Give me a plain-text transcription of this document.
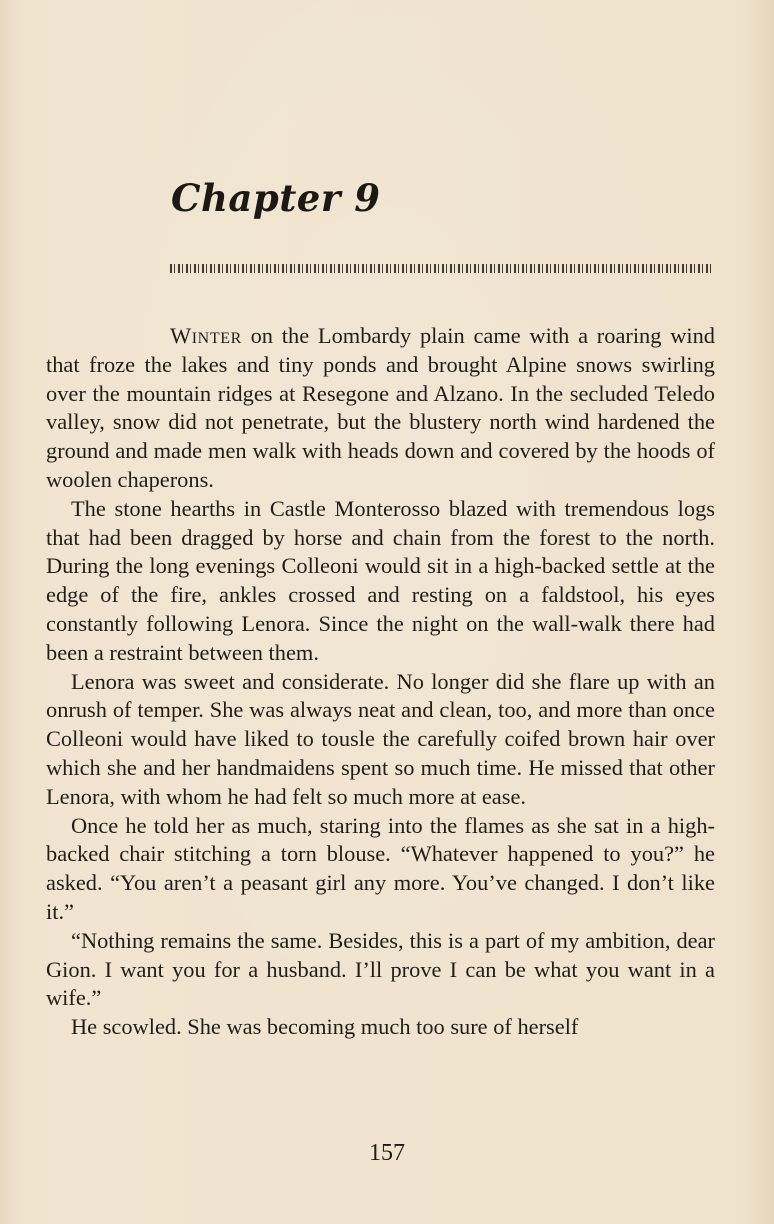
Chapter 9

Winter on the Lombardy plain came with a roaring wind that froze the lakes and tiny ponds and brought Alpine snows swirling over the mountain ridges at Resegone and Alzano. In the secluded Teledo valley, snow did not penetrate, but the blustery north wind hardened the ground and made men walk with heads down and covered by the hoods of woolen chaperons.

The stone hearths in Castle Monterosso blazed with tremendous logs that had been dragged by horse and chain from the forest to the north. During the long evenings Colleoni would sit in a high-backed settle at the edge of the fire, ankles crossed and resting on a faldstool, his eyes constantly following Lenora. Since the night on the wall-walk there had been a restraint between them.

Lenora was sweet and considerate. No longer did she flare up with an onrush of temper. She was always neat and clean, too, and more than once Colleoni would have liked to tousle the carefully coifed brown hair over which she and her handmaidens spent so much time. He missed that other Lenora, with whom he had felt so much more at ease.

Once he told her as much, staring into the flames as she sat in a high-backed chair stitching a torn blouse. “Whatever happened to you?” he asked. “You aren’t a peasant girl any more. You’ve changed. I don’t like it.”

“Nothing remains the same. Besides, this is a part of my ambition, dear Gion. I want you for a husband. I’ll prove I can be what you want in a wife.”

He scowled. She was becoming much too sure of herself

157
